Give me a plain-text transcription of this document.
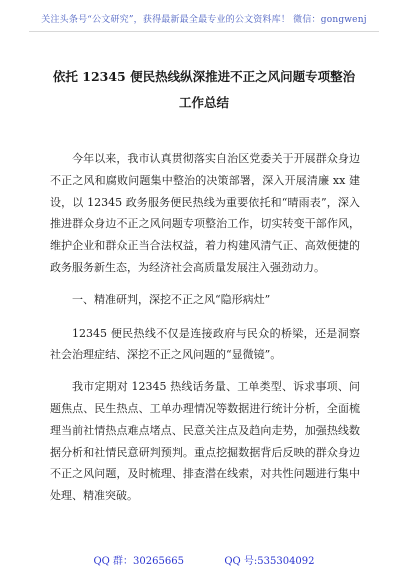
关注头条号“公文研究”，获得最新最全最专业的公文资料库！ 微信：gongwenj
依托 12345 便民热线纵深推进不正之风问题专项整治工作总结

今年以来，我市认真贯彻落实自治区党委关于开展群众身边不正之风和腐败问题集中整治的决策部署，深入开展清廉 xx 建设，以 12345 政务服务便民热线为重要依托和“晴雨表”，深入推进群众身边不正之风问题专项整治工作，切实转变干部作风，维护企业和群众正当合法权益，着力构建风清气正、高效便捷的政务服务新生态，为经济社会高质量发展注入强劲动力。

一、精准研判，深挖不正之风“隐形病灶”

12345 便民热线不仅是连接政府与民众的桥梁，还是洞察社会治理症结、深挖不正之风问题的“显微镜”。

我市定期对 12345 热线话务量、工单类型、诉求事项、问题焦点、民生热点、工单办理情况等数据进行统计分析，全面梳理当前社情热点难点堵点、民意关注点及趋向走势，加强热线数据分析和社情民意研判预判。重点挖掘数据背后反映的群众身边不正之风问题，及时梳理、排查潜在线索，对共性问题进行集中处理、精准突破。

QQ 群：30265665	QQ 号:535304092
